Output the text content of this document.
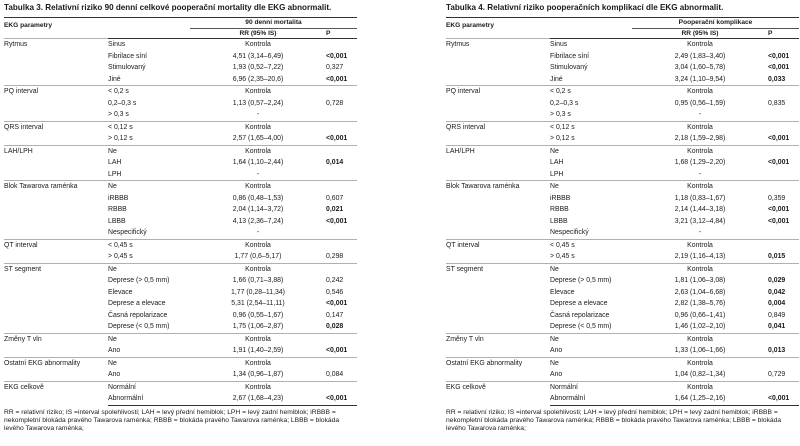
Tabulka 3. Relativní riziko 90 denní celkové pooperační mortality dle EKG abnormalit.
EKG parametry		90 denní mortalita	
		RR (95% IS)	P
Rytmus	Sinus	Kontrola	
	Fibrilace síní	4,51 (3,14–6,49)	<0,001
	Stimulovaný	1,93 (0,52–7,22)	0,327
	Jiné	6,96 (2,35–20,6)	<0,001
PQ interval	< 0,2 s	Kontrola	
	0,2–0,3 s	1,13 (0,57–2,24)	0,728
	> 0,3 s	-	
QRS interval	< 0,12 s	Kontrola	
	> 0,12 s	2,57 (1,65–4,00)	<0,001
LAH/LPH	Ne	Kontrola	
	LAH	1,64 (1,10–2,44)	0,014
	LPH	-	
Blok Tawarova raménka	Ne	Kontrola	
	iRBBB	0,86 (0,48–1,53)	0,607
	RBBB	2,04 (1,14–3,72)	0,021
	LBBB	4,13 (2,36–7,24)	<0,001
	Nespecifický	-	
QT interval	< 0,45 s	Kontrola	
	> 0,45 s	1,77 (0,6–5,17)	0,298
ST segment	Ne	Kontrola	
	Deprese (> 0,5 mm)	1,66 (0,71–3,88)	0,242
	Elevace	1,77 (0,28–11,34)	0,546
	Deprese a elevace	5,31 (2,54–11,11)	<0,001
	Časná repolarizace	0,96 (0,55–1,67)	0,147
	Deprese (< 0,5 mm)	1,75 (1,06–2,87)	0,028
Změny T vln	Ne	Kontrola	
	Ano	1,91 (1,40–2,59)	<0,001
Ostatní EKG abnormality	Ne	Kontrola	
	Ano	1,34 (0,96–1,87)	0,084
EKG celkově	Normální	Kontrola	
	Abnormální	2,67 (1,68–4,23)	<0,001
RR = relativní riziko; IS =interval spolehlivosti; LAH = levý přední hemiblok; LPH = levý zadní hemiblok; iRBBB = nekompletní blokáda pravého Tawarova raménka; RBBB = blokáda pravého Tawarova raménka; LBBB = blokáda levého Tawarova raménka;
Tabulka 4. Relativní riziko pooperačních komplikací dle EKG abnormalit.
EKG parametry		Pooperační komplikace	
		RR (95% IS)	P
Rytmus	Sinus	Kontrola	
	Fibrilace síní	2,49 (1,83–3,40)	<0,001
	Stimulovaný	3,04 (1,60–5,78)	<0,001
	Jiné	3,24 (1,10–9,54)	0,033
PQ interval	< 0,2 s	Kontrola	
	0,2–0,3 s	0,95 (0,56–1,59)	0,835
	> 0,3 s	-	
QRS interval	< 0,12 s	Kontrola	
	> 0,12 s	2,18 (1,59–2,98)	<0,001
LAH/LPH	Ne	Kontrola	
	LAH	1,68 (1,29–2,20)	<0,001
	LPH	-	
Blok Tawarova raménka	Ne	Kontrola	
	iRBBB	1,18 (0,83–1,67)	0,359
	RBBB	2,14 (1,44–3,18)	<0,001
	LBBB	3,21 (3,12–4,84)	<0,001
	Nespecifický	-	
QT interval	< 0,45 s	Kontrola	
	> 0,45 s	2,19 (1,16–4,13)	0,015
ST segment	Ne	Kontrola	
	Deprese (> 0,5 mm)	1,81 (1,06–3,08)	0,029
	Elevace	2,63 (1,04–6,68)	0,042
	Deprese a elevace	2,82 (1,38–5,76)	0,004
	Časná repolarizace	0,96 (0,66–1,41)	0,849
	Deprese (< 0,5 mm)	1,46 (1,02–2,10)	0,041
Změny T vln	Ne	Kontrola	
	Ano	1,33 (1,06–1,66)	0,013
Ostatní EKG abnormality	Ne	Kontrola	
	Ano	1,04 (0,82–1,34)	0,729
EKG celkově	Normální	Kontrola	
	Abnormální	1,64 (1,25–2,16)	<0,001
RR = relativní riziko; IS =interval spolehlivosti; LAH = levý přední hemiblok; LPH = levý zadní hemiblok; iRBBB = nekompletní blokáda pravého Tawarova raménka; RBBB = blokáda pravého Tawarova raménka; LBBB = blokáda levého Tawarova raménka;
